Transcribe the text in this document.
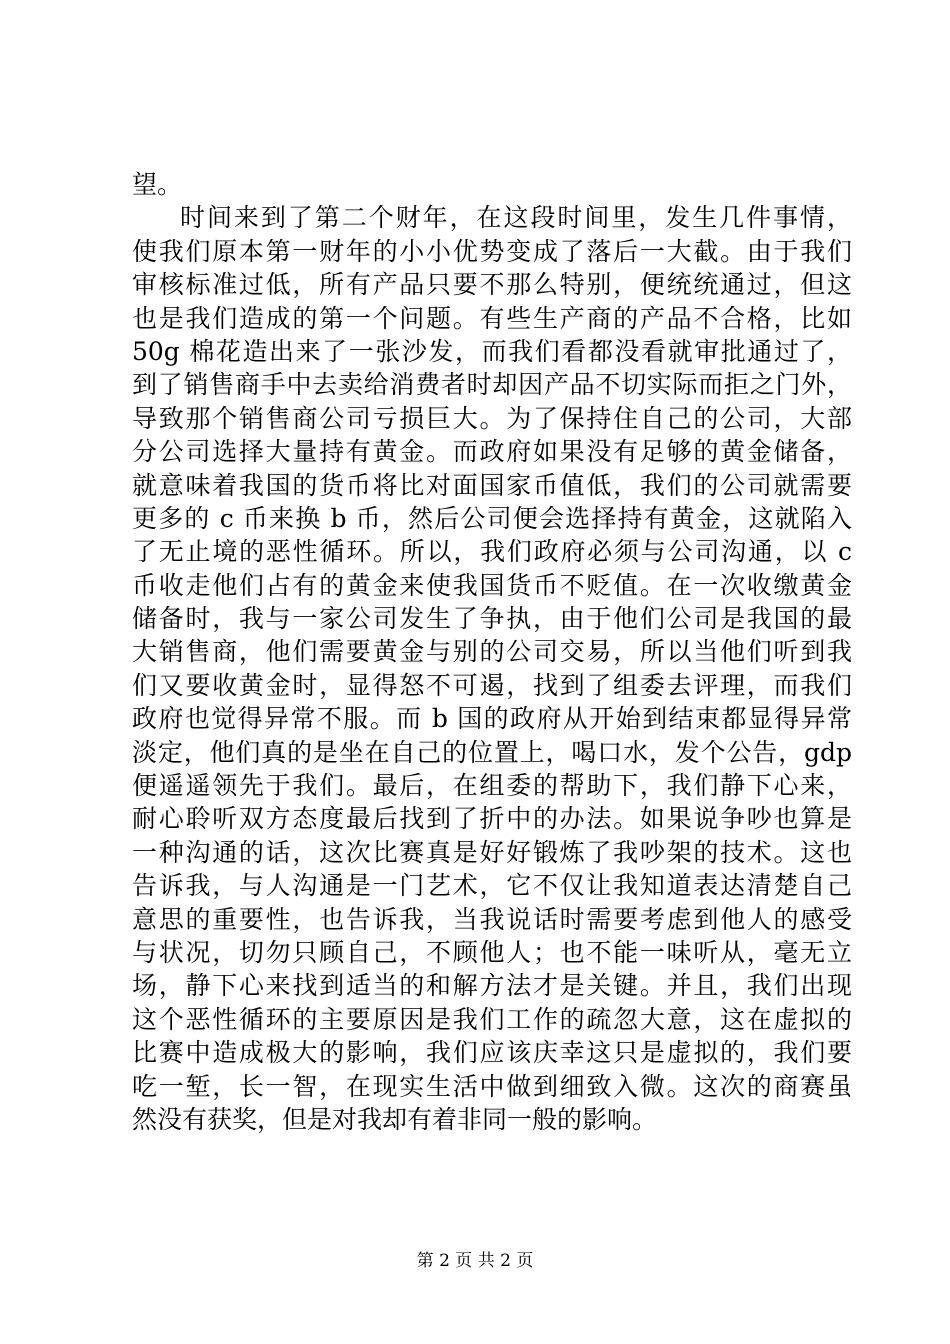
望。
时间来到了第二个财年，在这段时间里，发生几件事情，
使我们原本第一财年的小小优势变成了落后一大截。由于我们
审核标准过低，所有产品只要不那么特别，便统统通过，但这
也是我们造成的第一个问题。有些生产商的产品不合格，比如
50g 棉花造出来了一张沙发，而我们看都没看就审批通过了，
到了销售商手中去卖给消费者时却因产品不切实际而拒之门外，
导致那个销售商公司亏损巨大。为了保持住自己的公司，大部
分公司选择大量持有黄金。而政府如果没有足够的黄金储备，
就意味着我国的货币将比对面国家币值低，我们的公司就需要
更多的 c 币来换 b 币，然后公司便会选择持有黄金，这就陷入
了无止境的恶性循环。所以，我们政府必须与公司沟通，以 c
币收走他们占有的黄金来使我国货币不贬值。在一次收缴黄金
储备时，我与一家公司发生了争执，由于他们公司是我国的最
大销售商，他们需要黄金与别的公司交易，所以当他们听到我
们又要收黄金时，显得怒不可遏，找到了组委去评理，而我们
政府也觉得异常不服。而 b 国的政府从开始到结束都显得异常
淡定，他们真的是坐在自己的位置上，喝口水，发个公告，gdp
便遥遥领先于我们。最后，在组委的帮助下，我们静下心来，
耐心聆听双方态度最后找到了折中的办法。如果说争吵也算是
一种沟通的话，这次比赛真是好好锻炼了我吵架的技术。这也
告诉我，与人沟通是一门艺术，它不仅让我知道表达清楚自己
意思的重要性，也告诉我，当我说话时需要考虑到他人的感受
与状况，切勿只顾自己，不顾他人；也不能一味听从，毫无立
场，静下心来找到适当的和解方法才是关键。并且，我们出现
这个恶性循环的主要原因是我们工作的疏忽大意，这在虚拟的
比赛中造成极大的影响，我们应该庆幸这只是虚拟的，我们要
吃一堑，长一智，在现实生活中做到细致入微。这次的商赛虽
然没有获奖，但是对我却有着非同一般的影响。
第 2 页 共 2 页
